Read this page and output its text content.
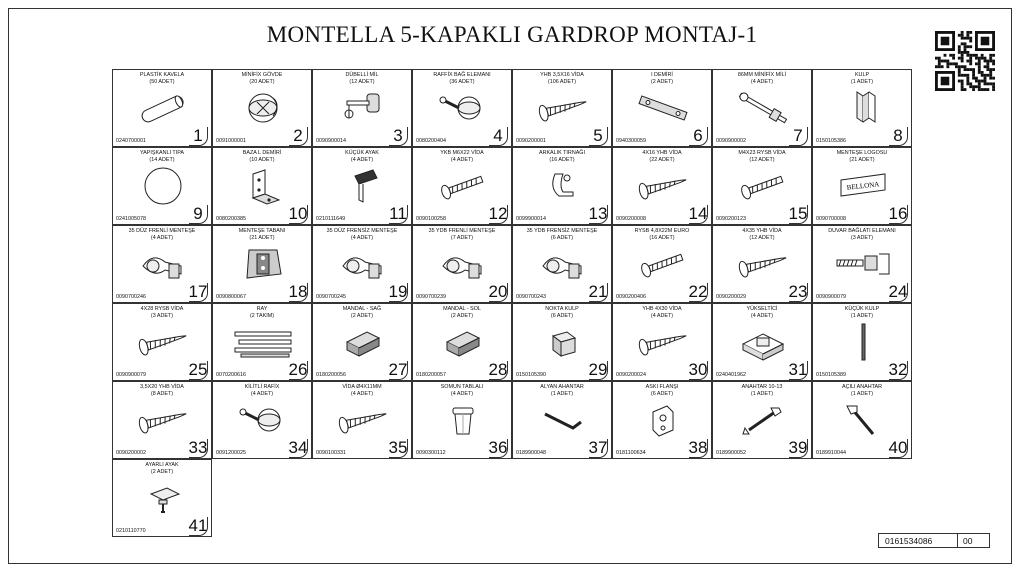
MONTELLA 5-KAPAKLI GARDROP MONTAJ-1
PLASTİK KAVELA
(50 ADET)
0240700001	1
MİNİFİX GÖVDE
(20 ADET)
0091000001	2
DÜBELLİ MİL
(12 ADET)
0090900014	3
RAFFİX BAĞ ELEMANI
(36 ADET)
0080200404	4
YHB 3,5X16 VİDA
(106 ADET)
0090200001	5
I DEMİRİ
(2 ADET)
0940300059	6
86MM MİNİFİX MİLİ
(4 ADET)
0090900002	7
KULP
(1 ADET)
0150105386	8
YAPIŞKANLI TIPA
(14 ADET)
0241005078	9
BAZA L DEMİRİ
(10 ADET)
0080200385	10
KÜÇÜK AYAK
(4 ADET)
0210111649	11
YKB M6X22 VİDA
(4 ADET)
0090100258	12
ARKALIK TIRNAĞI
(16 ADET)
0099900014	13
4X16 YHB VİDA
(22 ADET)
0090200008	14
M4X23 RYSB VİDA
(12 ADET)
0090200123	15
MENTEŞE LOGOSU
(21 ADET)
BELLONA
0090700008	16
35 DÜZ FRENLİ MENTEŞE
(4 ADET)
0090700246	17
MENTEŞE TABANI
(21 ADET)
0090800067	18
35 DÜZ FRENSİZ MENTEŞE
(4 ADET)
0090700245	19
35 YDB FRENLİ MENTEŞE
(7 ADET)
0090700239	20
35 YDB FRENSİZ MENTEŞE
(6 ADET)
0090700243	21
RYSB 4,8X22M EURO
(16 ADET)
0090200406	22
4X35 YHB VİDA
(12 ADET)
0090200029	23
DUVAR BAĞLATI ELEMANI
(3 ADET)
0090900079	24
4X28 RYSB VİDA
(3 ADET)
0090900079	25
RAY
(2 TAKIM)
0070200616	26
MANDAL - SAĞ
(2 ADET)
0180200056	27
MANDAL - SOL
(2 ADET)
0180200057	28
NOKTA KULP
(6 ADET)
0150105390	29
YHB 4X30 VİDA
(4 ADET)
0090200024	30
YÜKSELTİCİ
(4 ADET)
0240401962	31
KÜÇÜK KULP
(1 ADET)
0150105389	32
3,5X20 YHB VİDA
(8 ADET)
0090200002	33
KİLİTLİ RAFİX
(4 ADET)
0091200025	34
VİDA Ø4X11MM
(4 ADET)
0090100331	35
SOMUN TABLALI
(4 ADET)
0090300112	36
ALYAN AHANTAR
(1 ADET)
0189900048	37
ASKI FLANŞI
(6 ADET)
0181100634	38
ANAHTAR 10-13
(1 ADET)
0189900052	39
AÇILI ANAHTAR
(1 ADET)
0189910044	40
AYARLI AYAK
(2 ADET)
0210110770	41
0161534086	00
